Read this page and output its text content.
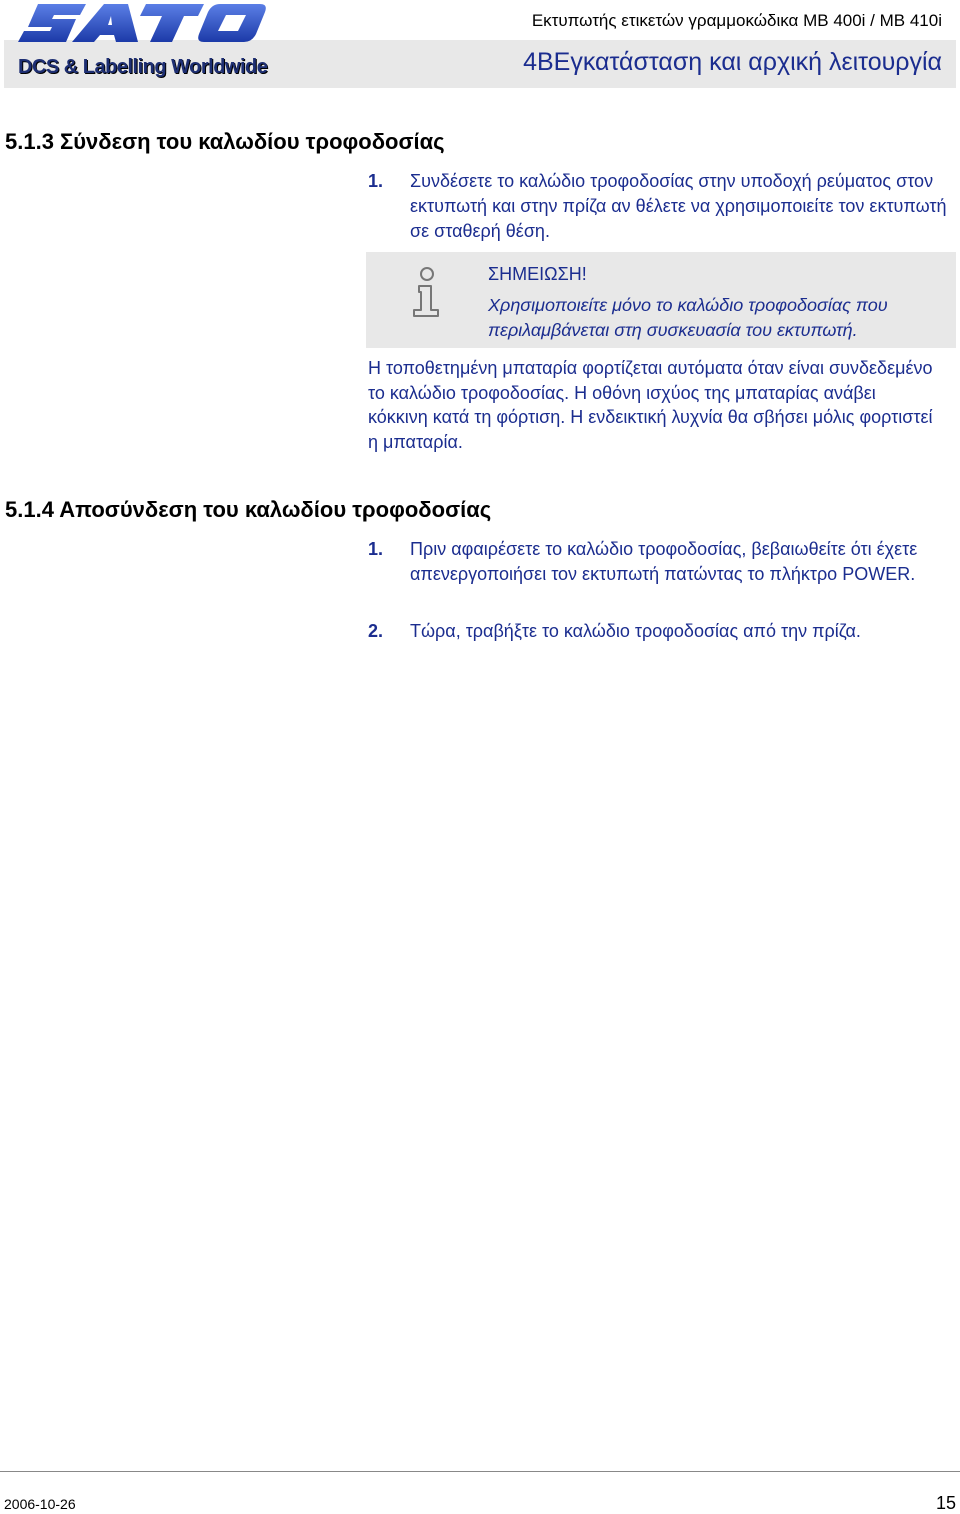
DCS & Labelling Worldwide
Εκτυπωτής ετικετών γραμμοκώδικα MB 400i / MB 410i
4ΒΕγκατάσταση και αρχική λειτουργία
5.1.3 Σύνδεση του καλωδίου τροφοδοσίας
1. Συνδέσετε το καλώδιο τροφοδοσίας στην υποδοχή ρεύματος στον εκτυπωτή και στην πρίζα αν θέλετε να χρησιμοποιείτε τον εκτυπωτή σε σταθερή θέση.
ΣΗΜΕΙΩΣΗ!
Χρησιμοποιείτε μόνο το καλώδιο τροφοδοσίας που περιλαμβάνεται στη συσκευασία του εκτυπωτή.
Η τοποθετημένη μπαταρία φορτίζεται αυτόματα όταν είναι συνδεδεμένο το καλώδιο τροφοδοσίας. Η οθόνη ισχύος της μπαταρίας ανάβει κόκκινη κατά τη φόρτιση. Η ενδεικτική λυχνία θα σβήσει μόλις φορτιστεί η μπαταρία.
5.1.4 Αποσύνδεση του καλωδίου τροφοδοσίας
1. Πριν αφαιρέσετε το καλώδιο τροφοδοσίας, βεβαιωθείτε ότι έχετε απενεργοποιήσει τον εκτυπωτή πατώντας το πλήκτρο POWER.
2. Τώρα, τραβήξτε το καλώδιο τροφοδοσίας από την πρίζα.
2006-10-26	15
